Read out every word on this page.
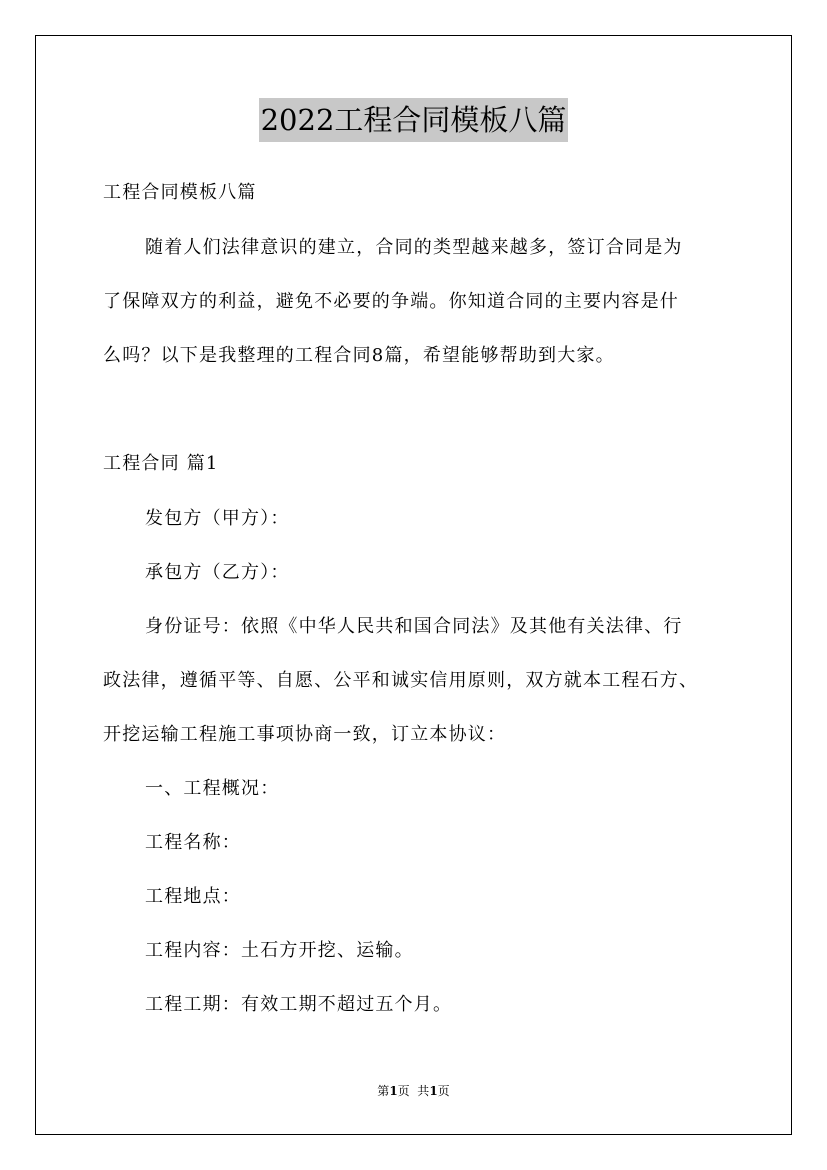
2022工程合同模板八篇
工程合同模板八篇
随着人们法律意识的建立，合同的类型越来越多，签订合同是为
了保障双方的利益，避免不必要的争端。你知道合同的主要内容是什
么吗？以下是我整理的工程合同8篇，希望能够帮助到大家。
工程合同 篇1
发包方（甲方）：
承包方（乙方）：
身份证号：依照《中华人民共和国合同法》及其他有关法律、行
政法律，遵循平等、自愿、公平和诚实信用原则，双方就本工程石方、
开挖运输工程施工事项协商一致，订立本协议：
一、工程概况：
工程名称：
工程地点：
工程内容：土石方开挖、运输。
工程工期：有效工期不超过五个月。
第1页  共1页
